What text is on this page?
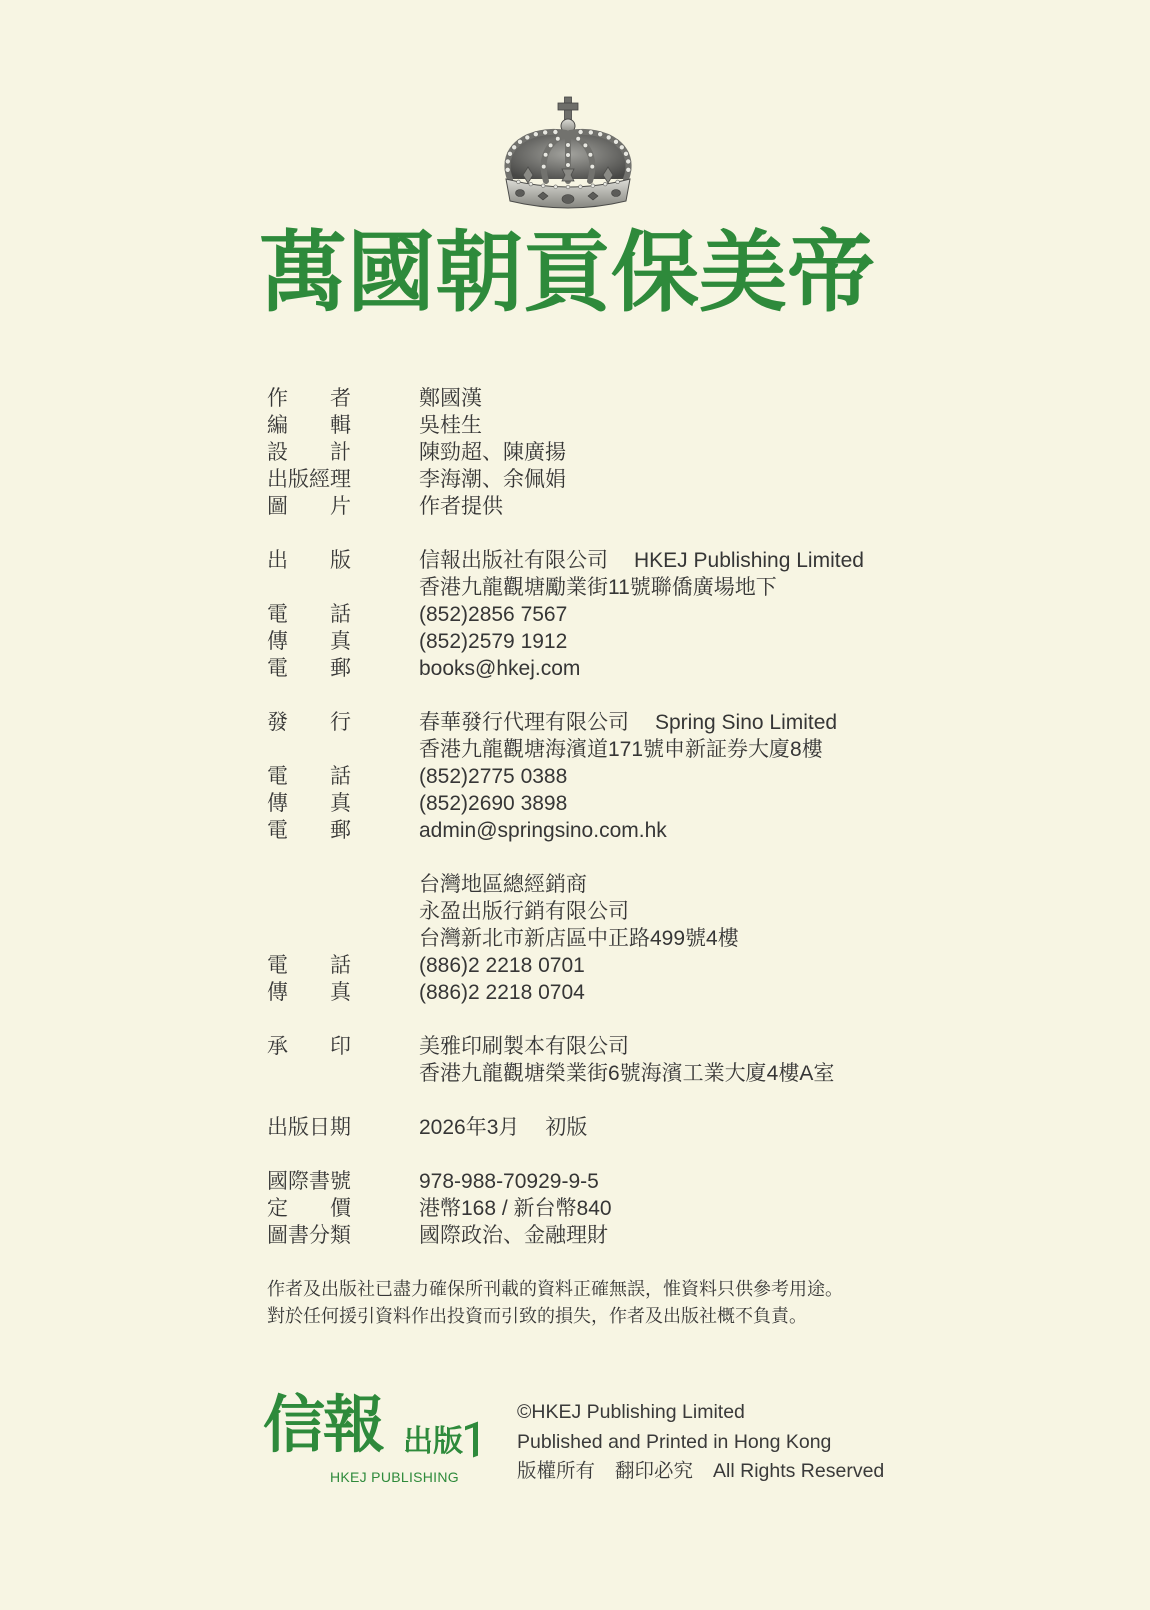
萬國朝貢保美帝
作者	鄭國漢
編輯	吳桂生
設計	陳勁超、陳廣揚
出版經理	李海潮、余佩娟
圖片	作者提供
出版	信報出版社有限公司 HKEJ Publishing Limited
香港九龍觀塘勵業街11號聯僑廣場地下
電話	(852)2856 7567
傳真	(852)2579 1912
電郵	books@hkej.com
發行	春華發行代理有限公司 Spring Sino Limited
香港九龍觀塘海濱道171號申新証券大廈8樓
電話	(852)2775 0388
傳真	(852)2690 3898
電郵	admin@springsino.com.hk
台灣地區總經銷商
永盈出版行銷有限公司
台灣新北市新店區中正路499號4樓
電話	(886)2 2218 0701
傳真	(886)2 2218 0704
承印	美雅印刷製本有限公司
香港九龍觀塘榮業街6號海濱工業大廈4樓A室
出版日期	2026年3月 初版
國際書號	978-988-70929-9-5
定價	港幣168 / 新台幣840
圖書分類	國際政治、金融理財
作者及出版社已盡力確保所刊載的資料正確無誤，惟資料只供參考用途。
對於任何援引資料作出投資而引致的損失，作者及出版社概不負責。
信報 出版
HKEJ PUBLISHING
©HKEJ Publishing Limited
Published and Printed in Hong Kong
版權所有 翻印必究 All Rights Reserved
